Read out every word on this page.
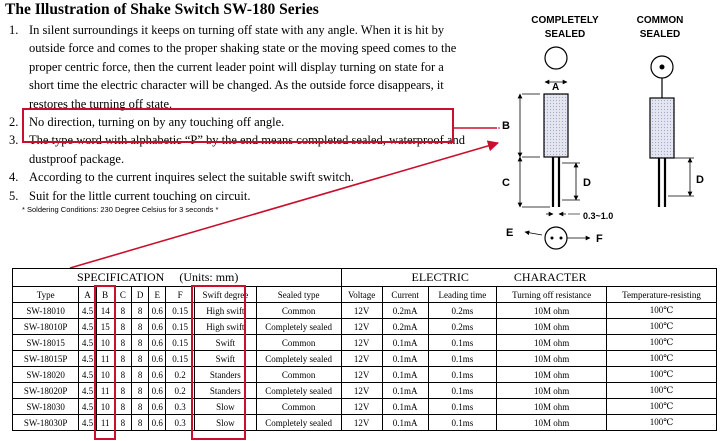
The Illustration of Shake Switch SW-180 Series
1. In silent surroundings it keeps on turning off state with any angle. When it is hit by outside force and comes to the proper shaking state or the moving speed comes to the proper centric force, then the current leader point will display turning on state for a short time the electric character will be changed. As the outside force disappears, it restores the turning off state.
2. No direction, turning on by any touching off angle.
3. The type word with alphabetic “P” by the end means completed sealed, waterproof and dustproof package.
4. According to the current inquires select the suitable swift switch.
5. Suit for the little current touching on circuit.
* Soldering Conditions: 230 Degree Celsius for 3 seconds *
COMPLETELY
SEALED
COMMON
SEALED
A
B
C	D
0.3~1.0
E	F
D
SPECIFICATION (Units: mm)									ELECTRIC CHARACTER				
Type	A	B	C	D	E	F	Swift degree	Sealed type	Voltage	Current	Leading time	Turning off resistance	Temperature-resisting
SW-18010	4.5	14	8	8	0.6	0.15	High swift	Common	12V	0.2mA	0.2ms	10M ohm	100℃
SW-18010P	4.5	15	8	8	0.6	0.15	High swift	Completely sealed	12V	0.2mA	0.2ms	10M ohm	100℃
SW-18015	4.5	10	8	8	0.6	0.15	Swift	Common	12V	0.1mA	0.1ms	10M ohm	100℃
SW-18015P	4.5	11	8	8	0.6	0.15	Swift	Completely sealed	12V	0.1mA	0.1ms	10M ohm	100℃
SW-18020	4.5	10	8	8	0.6	0.2	Standers	Common	12V	0.1mA	0.1ms	10M ohm	100℃
SW-18020P	4.5	11	8	8	0.6	0.2	Standers	Completely sealed	12V	0.1mA	0.1ms	10M ohm	100℃
SW-18030	4.5	10	8	8	0.6	0.3	Slow	Common	12V	0.1mA	0.1ms	10M ohm	100℃
SW-18030P	4.5	11	8	8	0.6	0.3	Slow	Completely sealed	12V	0.1mA	0.1ms	10M ohm	100℃
